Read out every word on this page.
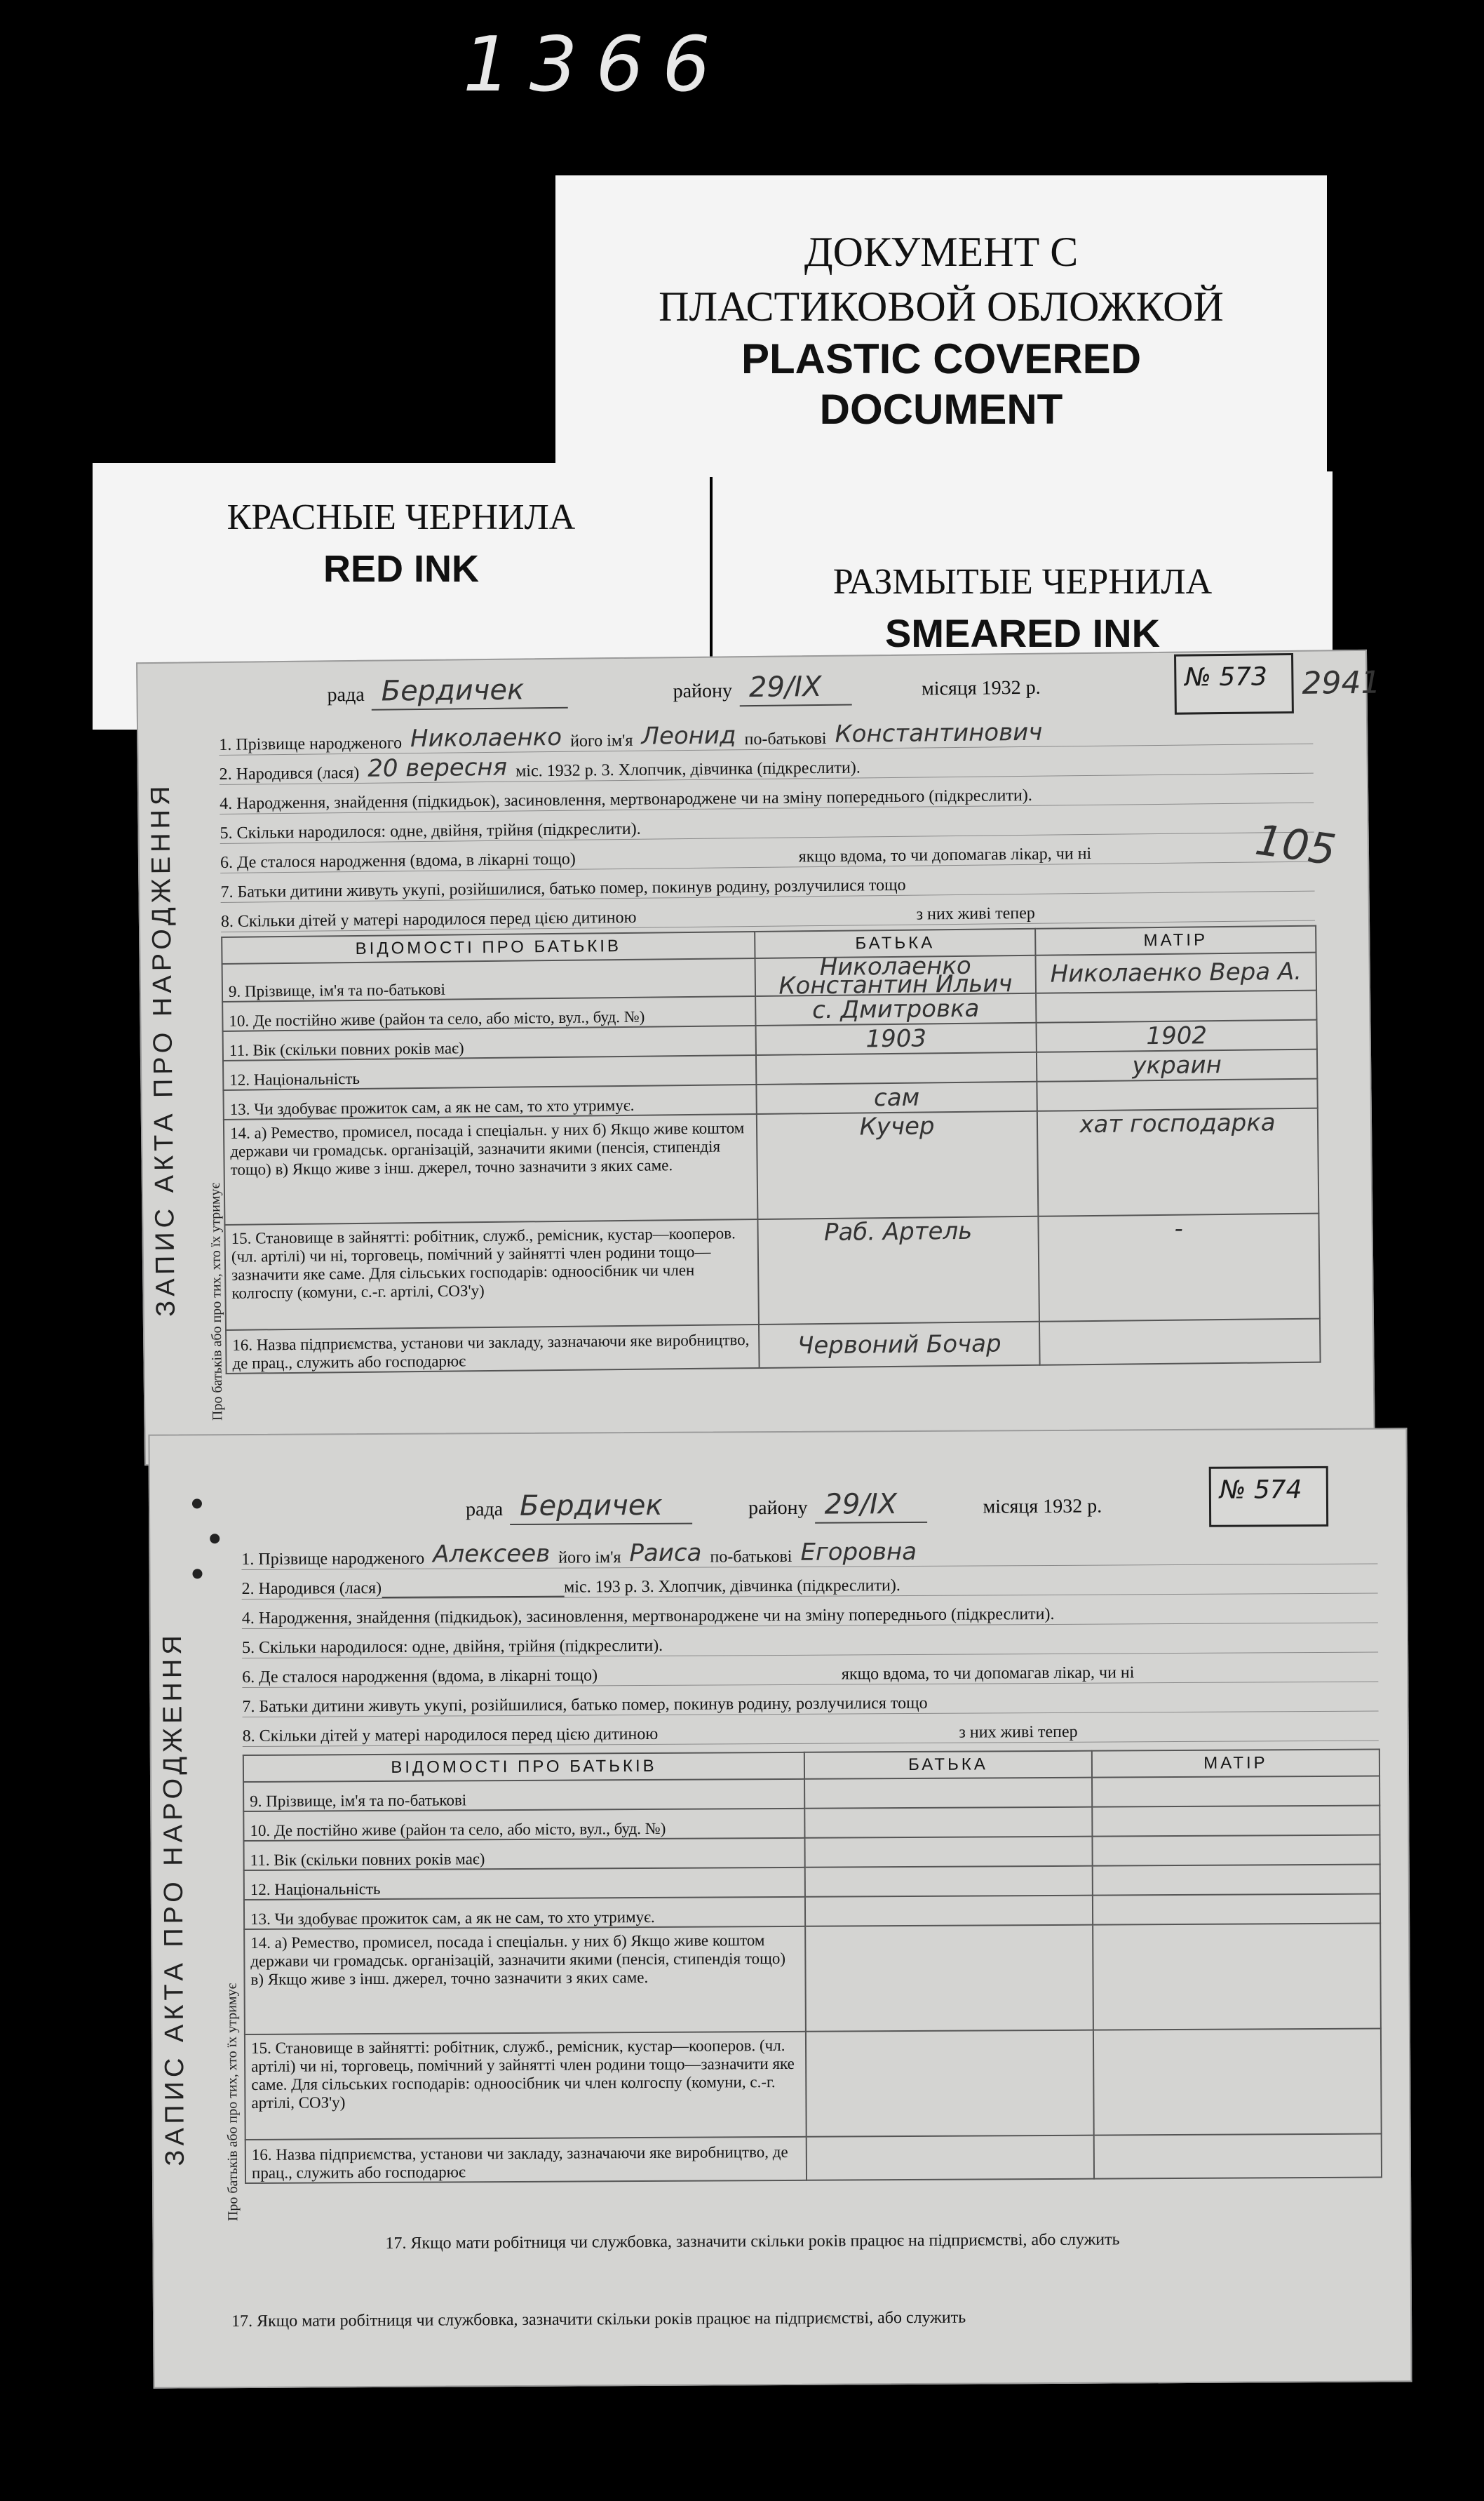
1366
ДОКУМЕНТ С
ПЛАСТИКОВОЙ ОБЛОЖКОЙ
PLASTIC COVERED
DOCUMENT
КРАСНЫЕ ЧЕРНИЛА
RED INK	РАЗМЫТЫЕ ЧЕРНИЛА
SMEARED INK
ЗАПИС АКТА ПРО НАРОДЖЕННЯ	Про батьків або про тих, хто їх утримує
рада Бердичек	району 29/ІХ	місяця 1932 р.	№ 573	2941
1. Прізвище народженого Николаенко його ім'я Леонид по-батькові Константинович
2. Народився (лася) 20 вересня міс. 1932 р. 3. Хлопчик, дівчинка (підкреслити).
4. Народження, знайдення (підкидьок), засиновлення, мертвонароджене чи на зміну попереднього (підкреслити).
5. Скільки народилося: одне, двійня, трійня (підкреслити).
6. Де сталося народження (вдома, в лікарні тощо)	якщо вдома, то чи допомагав лікар, чи ні
7. Батьки дитини живуть укупі, розійшилися, батько помер, покинув родину, розлучилися тощо
8. Скільки дітей у матері народилося перед цією дитиною	з них живі тепер
ВІДОМОСТІ ПРО БАТЬКІВ	БАТЬКА	МАТІР
9. Прізвище, ім'я та по-батькові	Николаенко Константин Ильич	Николаенко Вера А.
10. Де постійно живе (район та село, або місто, вул., буд. №)	с. Дмитровка	
11. Вік (скільки повних років має)	1903	1902
12. Національність		украин
13. Чи здобуває прожиток сам, а як не сам, то хто утримує.	сам	
14. а) Ремество, промисел, посада і спеціальн. у них б) Якщо живе коштом держави чи громадськ. організацій, зазначити якими (пенсія, стипендія тощо) в) Якщо живе з інш. джерел, точно зазначити з яких саме.	Кучер	хат господарка
15. Становище в зайнятті: робітник, служб., ремісник, кустар—кооперов. (чл. артілі) чи ні, торговець, помічний у зайнятті член родини тощо—зазначити яке саме. Для сільських господарів: одноосібник чи член колгоспу (комуни, с.-г. артілі, СОЗ'у)	Раб. Артель	-
16. Назва підприємства, установи чи закладу, зазначаючи яке виробництво, де прац., служить або господарює	Червоний Бочар	
ЗАПИС АКТА ПРО НАРОДЖЕННЯ	Про батьків або про тих, хто їх утримує
рада Бердичек	району 29/ІХ	місяця 1932 р.
№ 574
1. Прізвище народженого Алексеев його ім'я Раиса по-батькові Егоровна
2. Народився (лася)	міс. 193 р. 3. Хлопчик, дівчинка (підкреслити).
4. Народження, знайдення (підкидьок), засиновлення, мертвонароджене чи на зміну попереднього (підкреслити).
5. Скільки народилося: одне, двійня, трійня (підкреслити).
6. Де сталося народження (вдома, в лікарні тощо)	якщо вдома, то чи допомагав лікар, чи ні
7. Батьки дитини живуть укупі, розійшилися, батько помер, покинув родину, розлучилися тощо
8. Скільки дітей у матері народилося перед цією дитиною	з них живі тепер
ВІДОМОСТІ ПРО БАТЬКІВ	БАТЬКА	МАТІР
9. Прізвище, ім'я та по-батькові		
10. Де постійно живе (район та село, або місто, вул., буд. №)		
11. Вік (скільки повних років має)		
12. Національність		
13. Чи здобуває прожиток сам, а як не сам, то хто утримує.		
14. а) Ремество, промисел, посада і спеціальн. у них б) Якщо живе коштом держави чи громадськ. організацій, зазначити якими (пенсія, стипендія тощо) в) Якщо живе з інш. джерел, точно зазначити з яких саме.		
15. Становище в зайнятті: робітник, служб., ремісник, кустар—кооперов. (чл. артілі) чи ні, торговець, помічний у зайнятті член родини тощо—зазначити яке саме. Для сільських господарів: одноосібник чи член колгоспу (комуни, с.-г. артілі, СОЗ'у)		
16. Назва підприємства, установи чи закладу, зазначаючи яке виробництво, де прац., служить або господарює		
17. Якщо мати робітниця чи службовка, зазначити скільки років працює на підприємстві, або служить
17. Якщо мати робітниця чи службовка, зазначити скільки років працює на підприємстві, або служить
105
